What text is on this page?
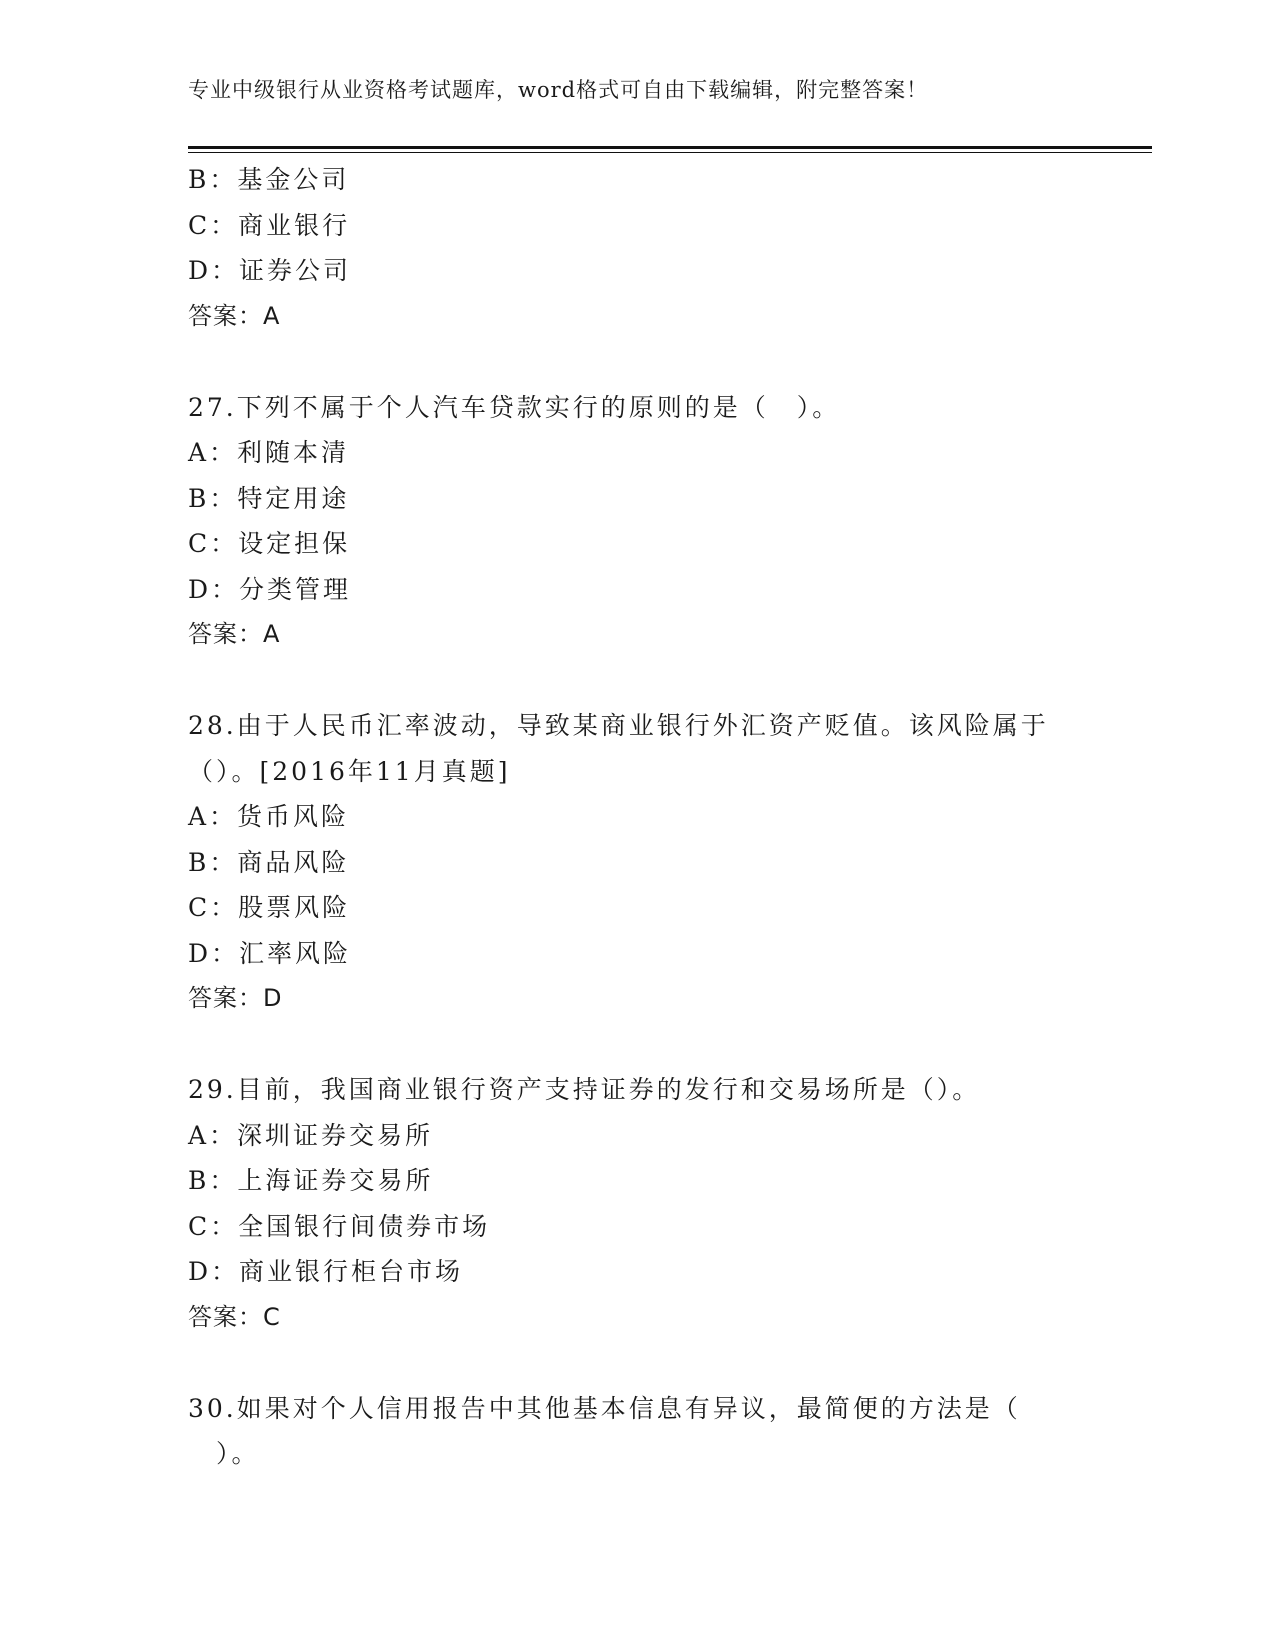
专业中级银行从业资格考试题库，word格式可自由下载编辑，附完整答案！
B：基金公司
C：商业银行
D：证券公司
答案：A
27.下列不属于个人汽车贷款实行的原则的是（　）。
A：利随本清
B：特定用途
C：设定担保
D：分类管理
答案：A
28.由于人民币汇率波动，导致某商业银行外汇资产贬值。该风险属于
（）。[2016年11月真题]
A：货币风险
B：商品风险
C：股票风险
D：汇率风险
答案：D
29.目前，我国商业银行资产支持证券的发行和交易场所是（）。
A：深圳证券交易所
B：上海证券交易所
C：全国银行间债券市场
D：商业银行柜台市场
答案：C
30.如果对个人信用报告中其他基本信息有异议，最简便的方法是（
）。
